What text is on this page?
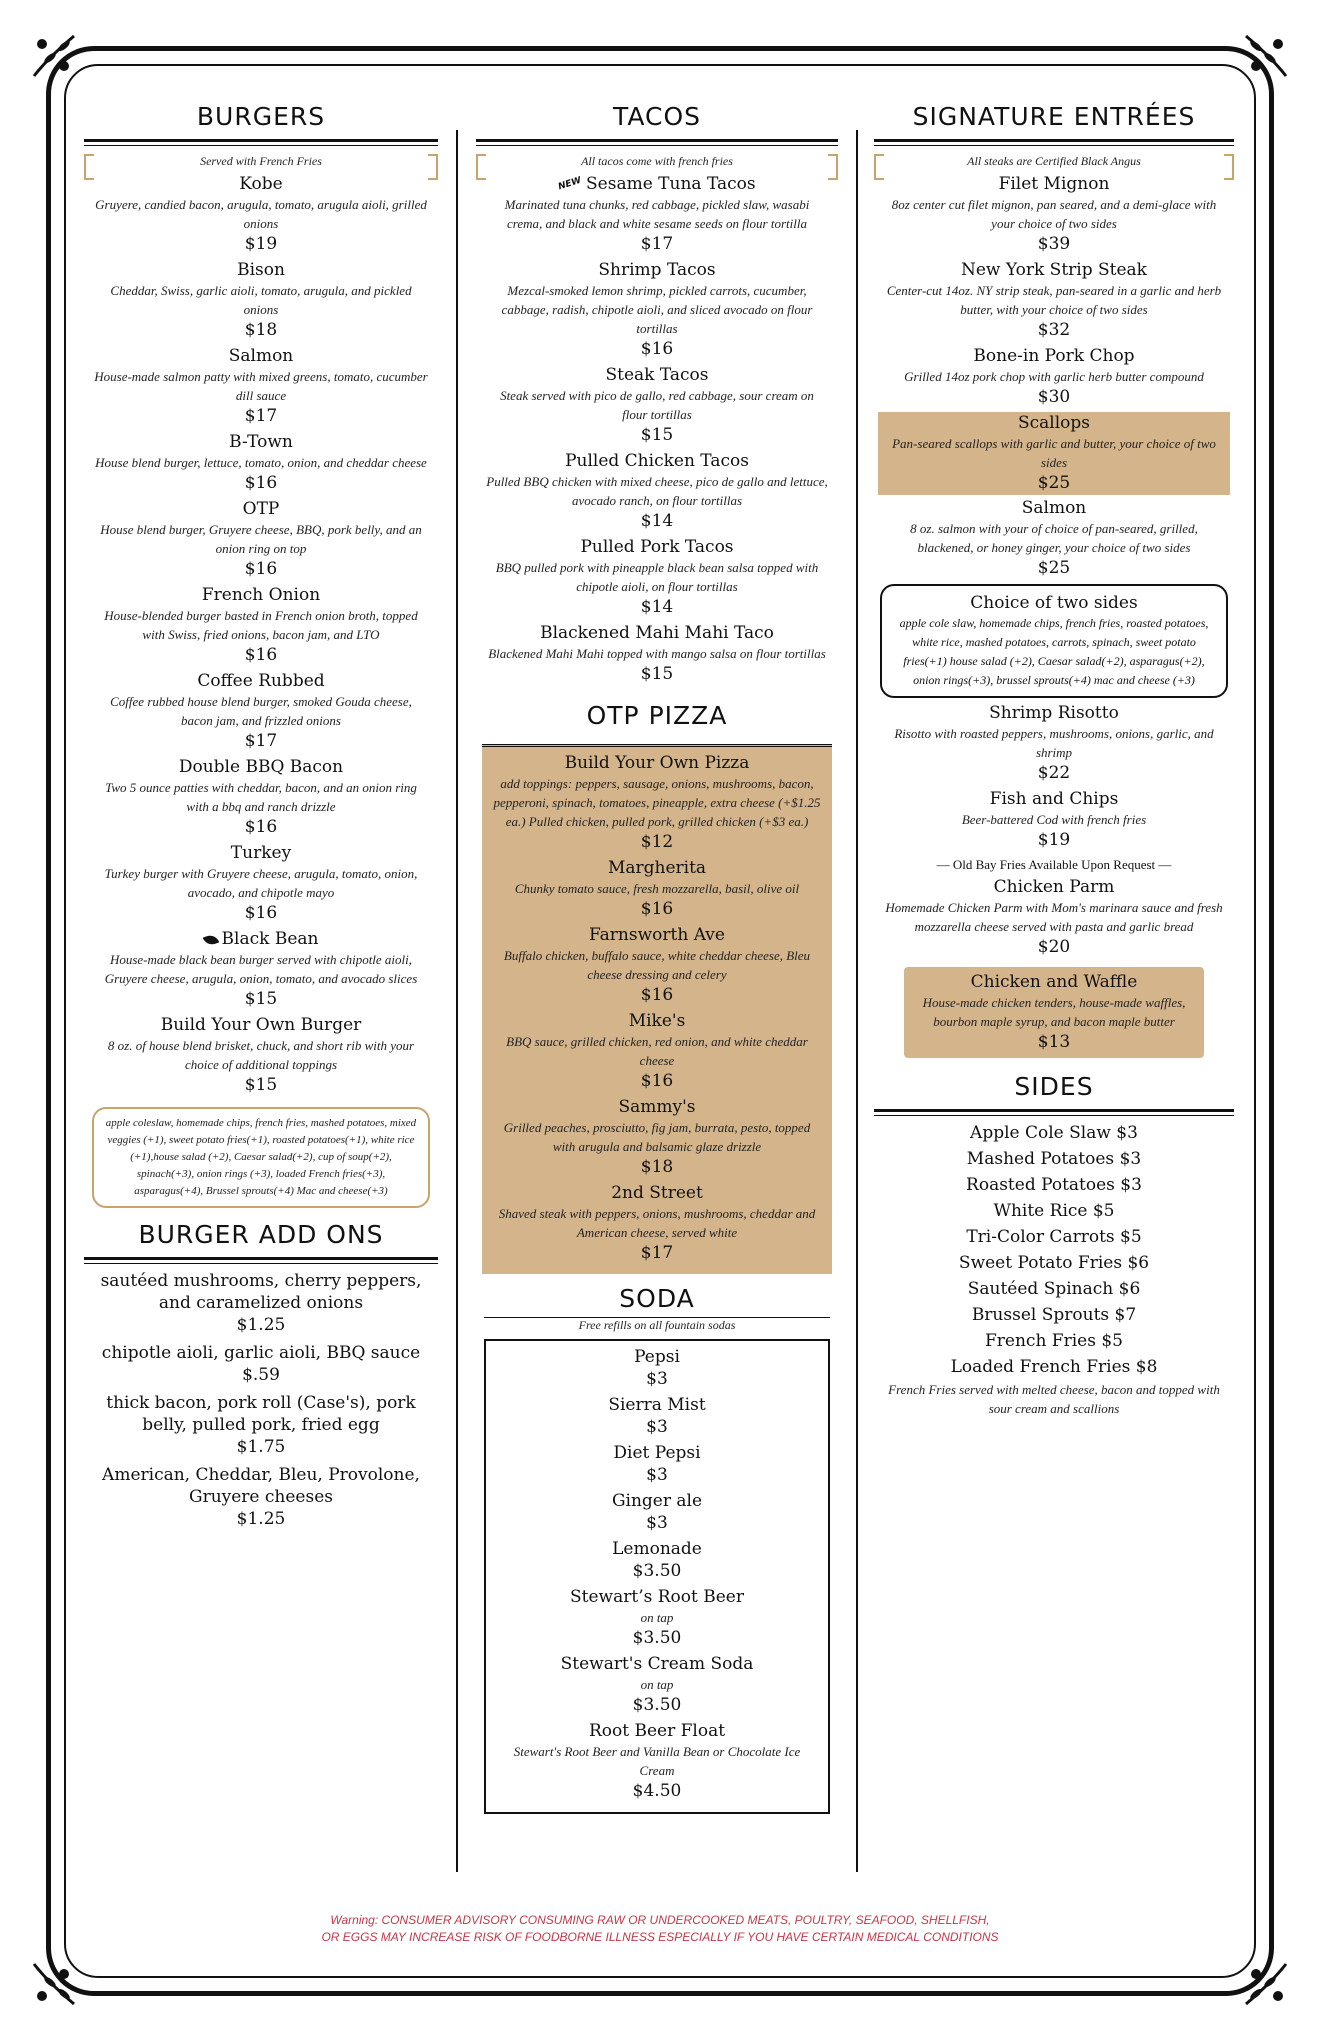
BURGERS
Served with French Fries
Kobe
Gruyere, candied bacon, arugula, tomato, arugula aioli, grilled onions
$19
Bison
Cheddar, Swiss, garlic aioli, tomato, arugula, and pickled onions
$18
Salmon
House-made salmon patty with mixed greens, tomato, cucumber dill sauce
$17
B-Town
House blend burger, lettuce, tomato, onion, and cheddar cheese
$16
OTP
House blend burger, Gruyere cheese, BBQ, pork belly, and an onion ring on top
$16
French Onion
House-blended burger basted in French onion broth, topped with Swiss, fried onions, bacon jam, and LTO
$16
Coffee Rubbed
Coffee rubbed house blend burger, smoked Gouda cheese, bacon jam, and frizzled onions
$17
Double BBQ Bacon
Two 5 ounce patties with cheddar, bacon, and an onion ring with a bbq and ranch drizzle
$16
Turkey
Turkey burger with Gruyere cheese, arugula, tomato, onion, avocado, and chipotle mayo
$16
Black Bean
House-made black bean burger served with chipotle aioli, Gruyere cheese, arugula, onion, tomato, and avocado slices
$15
Build Your Own Burger
8 oz. of house blend brisket, chuck, and short rib with your choice of additional toppings
$15
apple coleslaw, homemade chips, french fries, mashed potatoes, mixed veggies (+1), sweet potato fries(+1), roasted potatoes(+1), white rice (+1),house salad (+2), Caesar salad(+2), cup of soup(+2), spinach(+3), onion rings (+3), loaded French fries(+3), asparagus(+4), Brussel sprouts(+4) Mac and cheese(+3)
BURGER ADD ONS
sautéed mushrooms, cherry peppers, and caramelized onions
$1.25
chipotle aioli, garlic aioli, BBQ sauce
$.59
thick bacon, pork roll (Case's), pork belly, pulled pork, fried egg
$1.75
American, Cheddar, Bleu, Provolone, Gruyere cheeses
$1.25
TACOS
All tacos come with french fries
NEW Sesame Tuna Tacos
Marinated tuna chunks, red cabbage, pickled slaw, wasabi crema, and black and white sesame seeds on flour tortilla
$17
Shrimp Tacos
Mezcal-smoked lemon shrimp, pickled carrots, cucumber, cabbage, radish, chipotle aioli, and sliced avocado on flour tortillas
$16
Steak Tacos
Steak served with pico de gallo, red cabbage, sour cream on flour tortillas
$15
Pulled Chicken Tacos
Pulled BBQ chicken with mixed cheese, pico de gallo and lettuce, avocado ranch, on flour tortillas
$14
Pulled Pork Tacos
BBQ pulled pork with pineapple black bean salsa topped with chipotle aioli, on flour tortillas
$14
Blackened Mahi Mahi Taco
Blackened Mahi Mahi topped with mango salsa on flour tortillas
$15
OTP PIZZA
Build Your Own Pizza
add toppings: peppers, sausage, onions, mushrooms, bacon, pepperoni, spinach, tomatoes, pineapple, extra cheese (+$1.25 ea.) Pulled chicken, pulled pork, grilled chicken (+$3 ea.)
$12
Margherita
Chunky tomato sauce, fresh mozzarella, basil, olive oil
$16
Farnsworth Ave
Buffalo chicken, buffalo sauce, white cheddar cheese, Bleu cheese dressing and celery
$16
Mike's
BBQ sauce, grilled chicken, red onion, and white cheddar cheese
$16
Sammy's
Grilled peaches, prosciutto, fig jam, burrata, pesto, topped with arugula and balsamic glaze drizzle
$18
2nd Street
Shaved steak with peppers, onions, mushrooms, cheddar and American cheese, served white
$17
SODA
Free refills on all fountain sodas
Pepsi
$3
Sierra Mist
$3
Diet Pepsi
$3
Ginger ale
$3
Lemonade
$3.50
Stewart’s Root Beer
on tap
$3.50
Stewart's Cream Soda
on tap
$3.50
Root Beer Float
Stewart's Root Beer and Vanilla Bean or Chocolate Ice Cream
$4.50
SIGNATURE ENTRÉES
All steaks are Certified Black Angus
Filet Mignon
8oz center cut filet mignon, pan seared, and a demi-glace with your choice of two sides
$39
New York Strip Steak
Center-cut 14oz. NY strip steak, pan-seared in a garlic and herb butter, with your choice of two sides
$32
Bone-in Pork Chop
Grilled 14oz pork chop with garlic herb butter compound
$30
Scallops
Pan-seared scallops with garlic and butter, your choice of two sides
$25
Salmon
8 oz. salmon with your of choice of pan-seared, grilled, blackened, or honey ginger, your choice of two sides
$25
Choice of two sides
apple cole slaw, homemade chips, french fries, roasted potatoes, white rice, mashed potatoes, carrots, spinach, sweet potato fries(+1) house salad (+2), Caesar salad(+2), asparagus(+2), onion rings(+3), brussel sprouts(+4) mac and cheese (+3)
Shrimp Risotto
Risotto with roasted peppers, mushrooms, onions, garlic, and shrimp
$22
Fish and Chips
Beer-battered Cod with french fries
$19
— Old Bay Fries Available Upon Request —
Chicken Parm
Homemade Chicken Parm with Mom's marinara sauce and fresh mozzarella cheese served with pasta and garlic bread
$20
Chicken and Waffle
House-made chicken tenders, house-made waffles, bourbon maple syrup, and bacon maple butter
$13
SIDES
Apple Cole Slaw $3
Mashed Potatoes $3
Roasted Potatoes $3
White Rice $5
Tri-Color Carrots $5
Sweet Potato Fries $6
Sautéed Spinach $6
Brussel Sprouts $7
French Fries $5
Loaded French Fries $8
French Fries served with melted cheese, bacon and topped with sour cream and scallions
Warning: CONSUMER ADVISORY CONSUMING RAW OR UNDERCOOKED MEATS, POULTRY, SEAFOOD, SHELLFISH,
OR EGGS MAY INCREASE RISK OF FOODBORNE ILLNESS ESPECIALLY IF YOU HAVE CERTAIN MEDICAL CONDITIONS
